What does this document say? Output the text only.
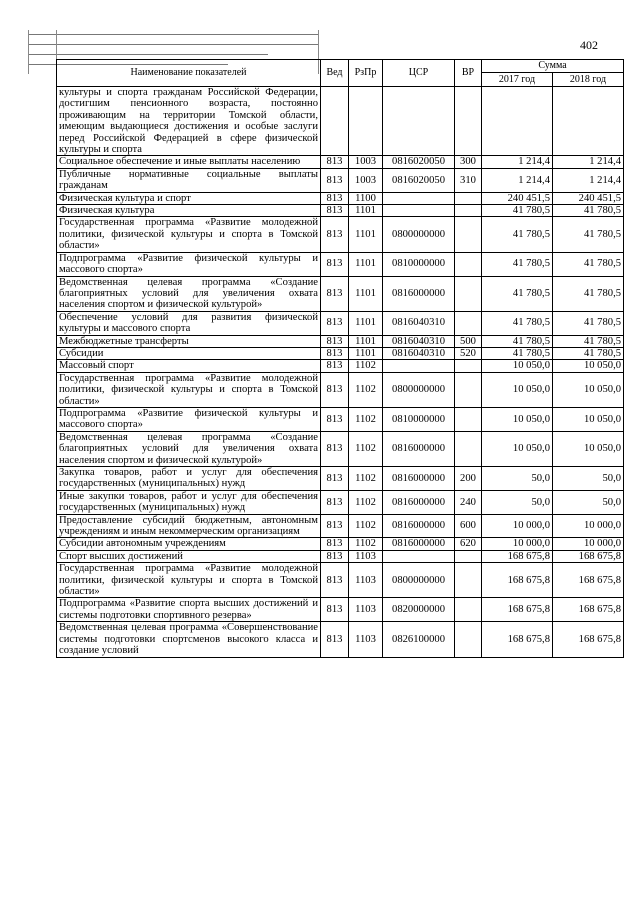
402
Наименование показателей	Вед	РзПр	ЦСР	ВР	Сумма	
					2017 год	2018 год
культуры и спорта гражданам Российской Федерации, достигшим пенсионного возраста, постоянно проживающим на территории Томской области, имеющим выдающиеся достижения и особые заслуги перед Российской Федерацией в сфере физической культуры и спорта						
Социальное обеспечение и иные выплаты населению	813	1003	0816020050	300	1 214,4	1 214,4
Публичные нормативные социальные выплаты гражданам	813	1003	0816020050	310	1 214,4	1 214,4
Физическая культура и спорт	813	1100			240 451,5	240 451,5
Физическая культура	813	1101			41 780,5	41 780,5
Государственная программа «Развитие молодежной политики, физической культуры и спорта в Томской области»	813	1101	0800000000		41 780,5	41 780,5
Подпрограмма «Развитие физической культуры и массового спорта»	813	1101	0810000000		41 780,5	41 780,5
Ведомственная целевая программа «Создание благоприятных условий для увеличения охвата населения спортом и физической культурой»	813	1101	0816000000		41 780,5	41 780,5
Обеспечение условий для развития физической культуры и массового спорта	813	1101	0816040310		41 780,5	41 780,5
Межбюджетные трансферты	813	1101	0816040310	500	41 780,5	41 780,5
Субсидии	813	1101	0816040310	520	41 780,5	41 780,5
Массовый спорт	813	1102			10 050,0	10 050,0
Государственная программа «Развитие молодежной политики, физической культуры и спорта в Томской области»	813	1102	0800000000		10 050,0	10 050,0
Подпрограмма «Развитие физической культуры и массового спорта»	813	1102	0810000000		10 050,0	10 050,0
Ведомственная целевая программа «Создание благоприятных условий для увеличения охвата населения спортом и физической культурой»	813	1102	0816000000		10 050,0	10 050,0
Закупка товаров, работ и услуг для обеспечения государственных (муниципальных) нужд	813	1102	0816000000	200	50,0	50,0
Иные закупки товаров, работ и услуг для обеспечения государственных (муниципальных) нужд	813	1102	0816000000	240	50,0	50,0
Предоставление субсидий бюджетным, автономным учреждениям и иным некоммерческим организациям	813	1102	0816000000	600	10 000,0	10 000,0
Субсидии автономным учреждениям	813	1102	0816000000	620	10 000,0	10 000,0
Спорт высших достижений	813	1103			168 675,8	168 675,8
Государственная программа «Развитие молодежной политики, физической культуры и спорта в Томской области»	813	1103	0800000000		168 675,8	168 675,8
Подпрограмма «Развитие спорта высших достижений и системы подготовки спортивного резерва»	813	1103	0820000000		168 675,8	168 675,8
Ведомственная целевая программа «Совершенствование системы подготовки спортсменов высокого класса и создание условий	813	1103	0826100000		168 675,8	168 675,8
